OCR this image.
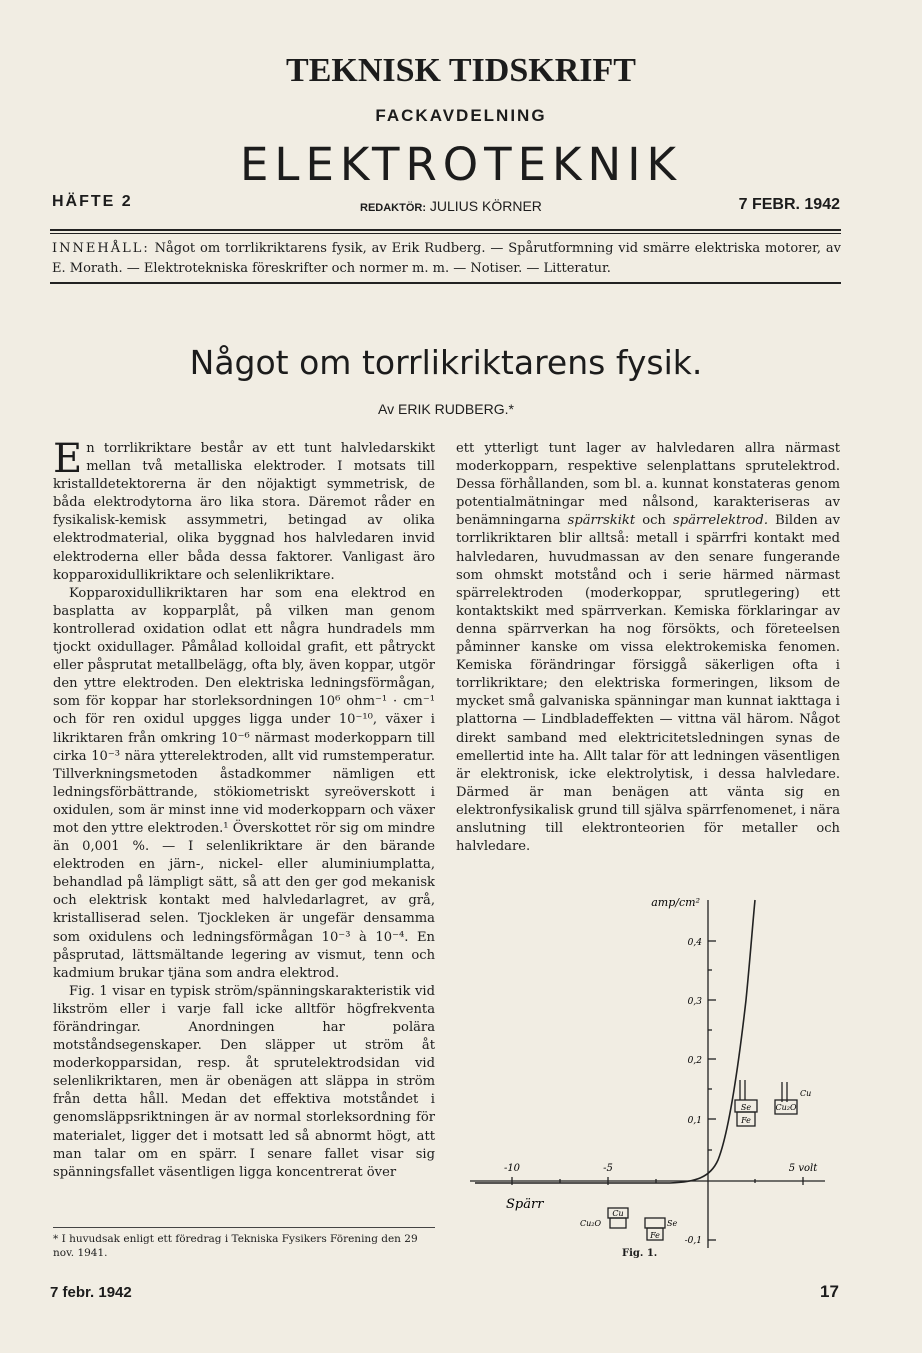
TEKNISK TIDSKRIFT
FACKAVDELNING
ELEKTROTEKNIK
HÄFTE 2	REDAKTÖR: JULIUS KÖRNER	7 FEBR. 1942
INNEHÅLL: Något om torrlikriktarens fysik, av Erik Rudberg. — Spårutformning vid smärre elektriska motorer, av E. Morath. — Elektrotekniska föreskrifter och normer m. m. — Notiser. — Litteratur.
Något om torrlikriktarens fysik.
Av ERIK RUDBERG.*

En torrlikriktare består av ett tunt halvledarskikt mellan två metalliska elektroder. I motsats till kristalldetektorerna är den nöjaktigt symmetrisk, de båda elektrodytorna äro lika stora. Däremot råder en fysikalisk-kemisk assymmetri, betingad av olika elektrodmaterial, olika byggnad hos halvledaren invid elektroderna eller båda dessa faktorer. Vanligast äro kopparoxidullikriktare och selenlikriktare.

Kopparoxidullikriktaren har som ena elektrod en basplatta av kopparplåt, på vilken man genom kontrollerad oxidation odlat ett några hundradels mm tjockt oxidullager. Påmålad kolloidal grafit, ett påtryckt eller påsprutat metallbelägg, ofta bly, även koppar, utgör den yttre elektroden. Den elektriska ledningsförmågan, som för koppar har storleksordningen 10⁶ ohm⁻¹ · cm⁻¹ och för ren oxidul upgges ligga under 10⁻¹⁰, växer i likriktaren från omkring 10⁻⁶ närmast moderkopparn till cirka 10⁻³ nära ytterelektroden, allt vid rumstemperatur. Tillverkningsmetoden åstadkommer nämligen ett ledningsförbättrande, stökiometriskt syreöverskott i oxidulen, som är minst inne vid moderkopparn och växer mot den yttre elektroden.¹ Överskottet rör sig om mindre än 0,001 %. — I selenlikriktare är den bärande elektroden en järn-, nickel- eller aluminiumplatta, behandlad på lämpligt sätt, så att den ger god mekanisk och elektrisk kontakt med halvledarlagret, av grå, kristalliserad selen. Tjockleken är ungefär densamma som oxidulens och ledningsförmågan 10⁻³ à 10⁻⁴. En påsprutad, lättsmältande legering av vismut, tenn och kadmium brukar tjäna som andra elektrod.

Fig. 1 visar en typisk ström/spänningskarakteristik vid likström eller i varje fall icke alltför högfrekventa förändringar. Anordningen har polära motståndsegenskaper. Den släpper ut ström åt moderkopparsidan, resp. åt sprutelektrodsidan vid selenlikriktaren, men är obenägen att släppa in ström från detta håll. Medan det effektiva motståndet i genomsläppsriktningen är av normal storleksordning för materialet, ligger det i motsatt led så abnormt högt, att man talar om en spärr. I senare fallet visar sig spänningsfallet väsentligen ligga koncentrerat över

ett ytterligt tunt lager av halvledaren allra närmast moderkopparn, respektive selenplattans sprutelektrod. Dessa förhållanden, som bl. a. kunnat konstateras genom potentialmätningar med nålsond, karakteriseras av benämningarna spärrskikt och spärrelektrod. Bilden av torrlikriktaren blir alltså: metall i spärrfri kontakt med halvledaren, huvudmassan av den senare fungerande som ohmskt motstånd och i serie härmed närmast spärrelektroden (moderkoppar, sprutlegering) ett kontaktskikt med spärrverkan. Kemiska förklaringar av denna spärrverkan ha nog försökts, och företeelsen påminner kanske om vissa elektrokemiska fenomen. Kemiska förändringar försiggå säkerligen ofta i torrlikriktare; den elektriska formeringen, liksom de mycket små galvaniska spänningar man kunnat iakttaga i plattorna — Lindbladeffekten — vittna väl härom. Något direkt samband med elektricitetsledningen synas de emellertid inte ha. Allt talar för att ledningen väsentligen är elektronisk, icke elektrolytisk, i dessa halvledare. Därmed är man benägen att vänta sig en elektronfysikalisk grund till själva spärrfenomenet, i nära anslutning till elektronteorien för metaller och halvledare.

* I huvudsak enligt ett föredrag i Tekniska Fysikers Förening den 29 nov. 1941.
amp/cm²
0,4
0,3
0,2
0,1
-0,1
-10	-5	5 volt
Spärr
Se
Fe
Cu₂O
Cu
Cu
Cu₂O	Se
Fe
Fig. 1.
7 febr. 1942	17
